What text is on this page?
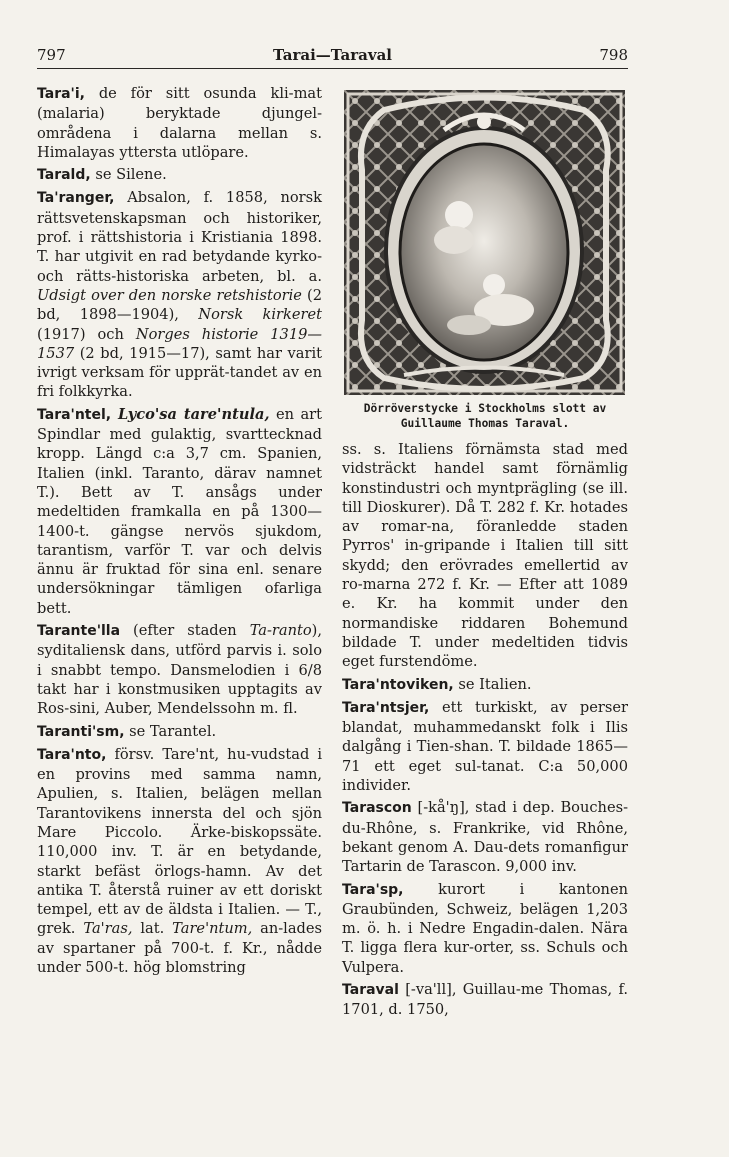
797	Tarai—Taraval	798

Tara'i, de för sitt osunda kli-mat (malaria) beryktade djungel-områdena i dalarna mellan s. Himalayas yttersta utlöpare.

Tarald, se Silene.

Ta'ranger, Absalon, f. 1858, norsk rättsvetenskapsman och historiker, prof. i rättshistoria i Kristiania 1898. T. har utgivit en rad betydande kyrko- och rätts-historiska arbeten, bl. a. Udsigt over den norske retshistorie (2 bd, 1898—1904), Norsk kirkeret (1917) och Norges historie 1319—1537 (2 bd, 1915—17), samt har varit ivrigt verksam för upprät-tandet av en fri folkkyrka.

Tara'ntel, Lyco'sa tare'ntula, en art Spindlar med gulaktig, svarttecknad kropp. Längd c:a 3,7 cm. Spanien, Italien (inkl. Taranto, därav namnet T.). Bett av T. ansågs under medeltiden framkalla en på 1300—1400-t. gängse nervös sjukdom, tarantism, varför T. var och delvis ännu är fruktad för sina enl. senare undersökningar tämligen ofarliga bett.

Tarante'lla (efter staden Ta-ranto), syditaliensk dans, utförd parvis i. solo i snabbt tempo. Dansmelodien i 6/8 takt har i konstmusiken upptagits av Ros-sini, Auber, Mendelssohn m. fl.

Taranti'sm, se Tarantel.

Tara'nto, försv. Tare'nt, hu-vudstad i en provins med samma namn, Apulien, s. Italien, belägen mellan Tarantovikens innersta del och sjön Mare Piccolo. Ärke-biskopssäte. 110,000 inv. T. är en betydande, starkt befäst örlogs-hamn. Av det antika T. återstå ruiner av ett doriskt tempel, ett av de äldsta i Italien. — T., grek. Ta'ras, lat. Tare'ntum, an-lades av spartaner på 700-t. f. Kr., nådde under 500-t. hög blomstring

Dörröverstycke i Stockholms slott av Guillaume Thomas Taraval.

ss. s. Italiens förnämsta stad med vidsträckt handel samt förnämlig konstindustri och myntprägling (se ill. till Dioskurer). Då T. 282 f. Kr. hotades av romar-na, föranledde staden Pyrros' in-gripande i Italien till sitt skydd; den erövrades emellertid av ro-marna 272 f. Kr. — Efter att 1089 e. Kr. ha kommit under den normandiske riddaren Bohemund bildade T. under medeltiden tidvis eget furstendöme.

Tara'ntoviken, se Italien.

Tara'ntsjer, ett turkiskt, av perser blandat, muhammedanskt folk i Ilis dalgång i Tien-shan. T. bildade 1865—71 ett eget sul-tanat. C:a 50,000 individer.

Tarascon [-kå'ŋ], stad i dep. Bouches-du-Rhône, s. Frankrike, vid Rhône, bekant genom A. Dau-dets romanfigur Tartarin de Tarascon. 9,000 inv.

Tara'sp, kurort i kantonen Graubünden, Schweiz, belägen 1,203 m. ö. h. i Nedre Engadin-dalen. Nära T. ligga flera kur-orter, ss. Schuls och Vulpera.

Taraval [-va'll], Guillau-me Thomas, f. 1701, d. 1750,
